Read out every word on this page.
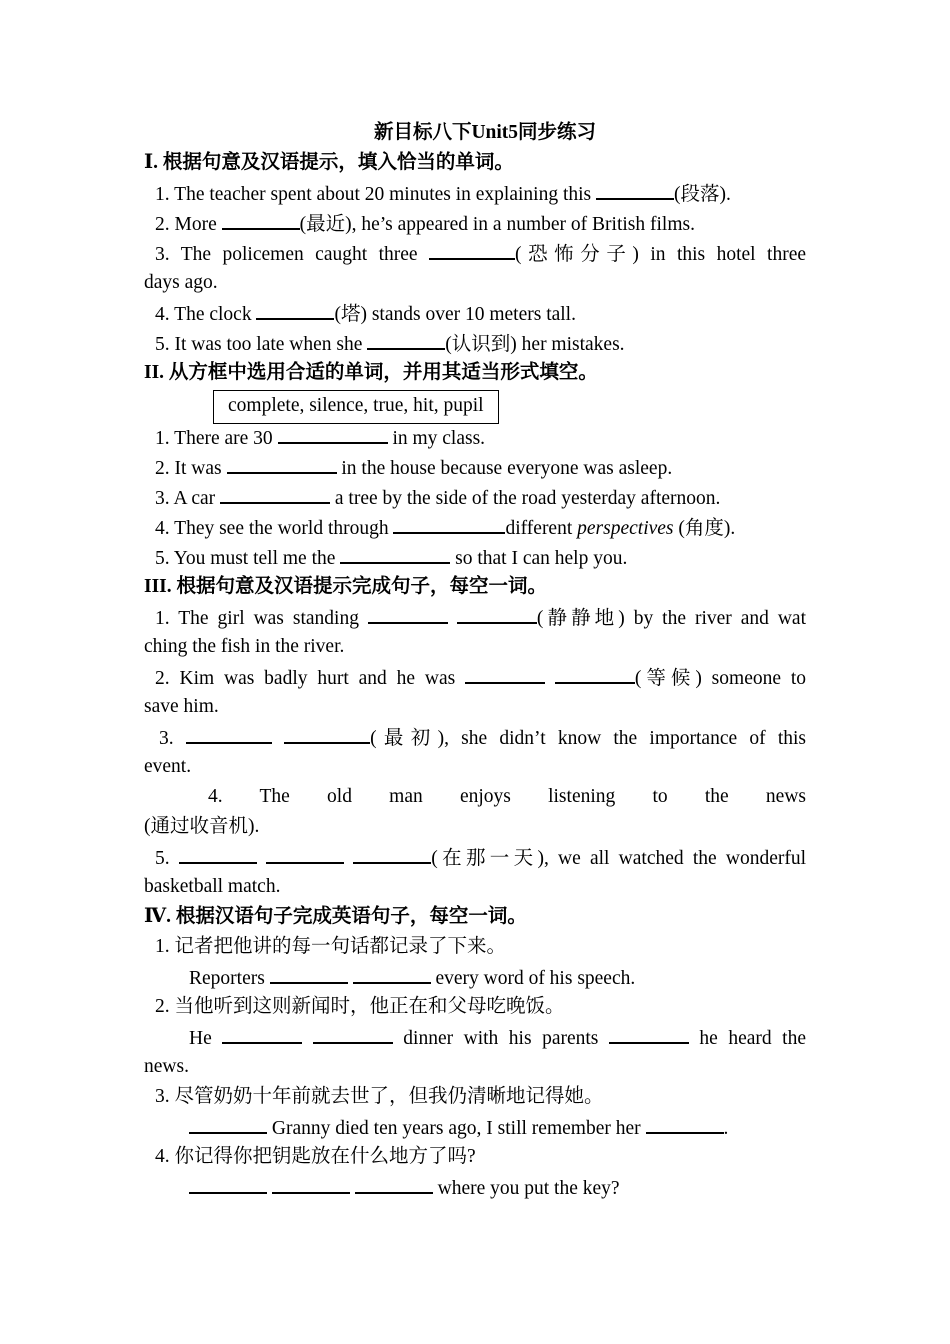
新目标八下Unit5同步练习
Ⅰ. 根据句意及汉语提示，填入恰当的单词。
1. The teacher spent about 20 minutes in explaining this	(段落).
2. More	(最近), he’s appeared in a number of British films.
3. The policemen caught three	(恐怖分子) in this hotel three
days ago.
4. The clock	(塔) stands over 10 meters tall.
5. It was too late when she	(认识到) her mistakes.
II. 从方框中选用合适的单词，并用其适当形式填空。
complete, silence, true, hit, pupil
1. There are 30	in my class.
2. It was	in the house because everyone was asleep.
3. A car	a tree by the side of the road yesterday afternoon.
4. They see the world through	different perspectives (角度).
5. You must tell me the	so that I can help you.
III. 根据句意及汉语提示完成句子，每空一词。
1. The girl was standing	(静静地) by the river and wat
ching the fish in the river.
2. Kim was badly hurt and he was	(等候) someone to
save him.
3.	(最初), she didn’t know the importance of this
event.
4. The old man enjoys listening to the news
(通过收音机).
5.	(在那一天), we all watched the wonderful
basketball match.
Ⅳ. 根据汉语句子完成英语句子，每空一词。
1. 记者把他讲的每一句话都记录了下来。
Reporters	every word of his speech.
2. 当他听到这则新闻时，他正在和父母吃晚饭。
He	dinner with his parents	he heard the
news.
3. 尽管奶奶十年前就去世了，但我仍清晰地记得她。
Granny died ten years ago, I still remember her	.
4. 你记得你把钥匙放在什么地方了吗?
where you put the key?
